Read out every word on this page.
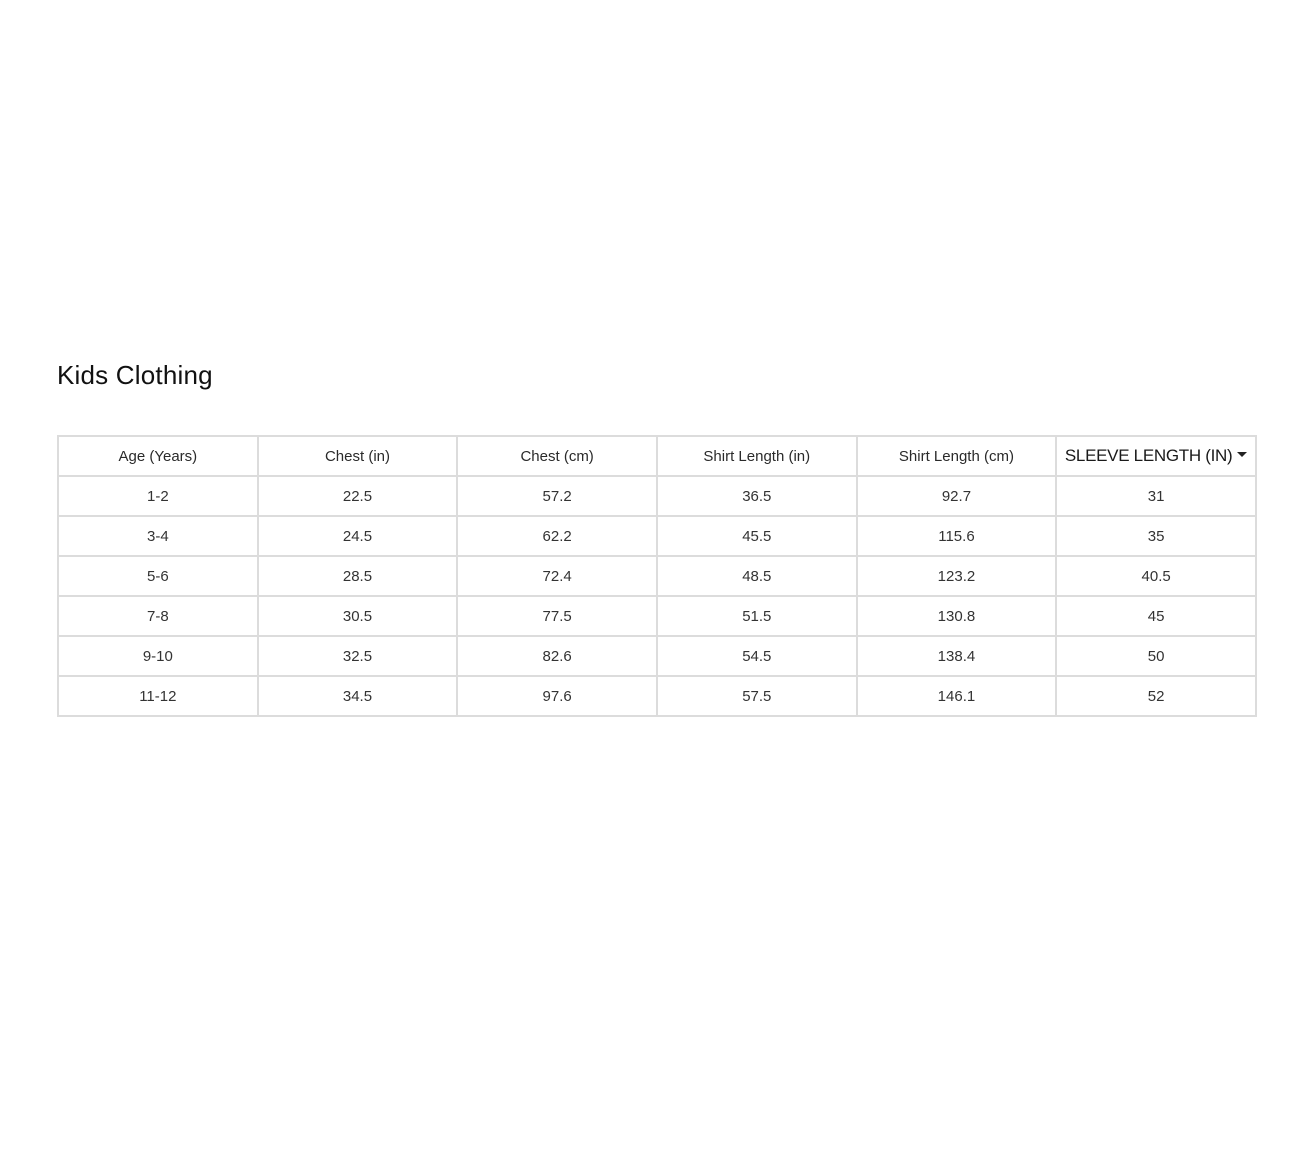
Kids Clothing
Age (Years)	Chest (in)	Chest (cm)	Shirt Length (in)	Shirt Length (cm)	SLEEVE LENGTH (IN)
1-2	22.5	57.2	36.5	92.7	31
3-4	24.5	62.2	45.5	115.6	35
5-6	28.5	72.4	48.5	123.2	40.5
7-8	30.5	77.5	51.5	130.8	45
9-10	32.5	82.6	54.5	138.4	50
11-12	34.5	97.6	57.5	146.1	52
